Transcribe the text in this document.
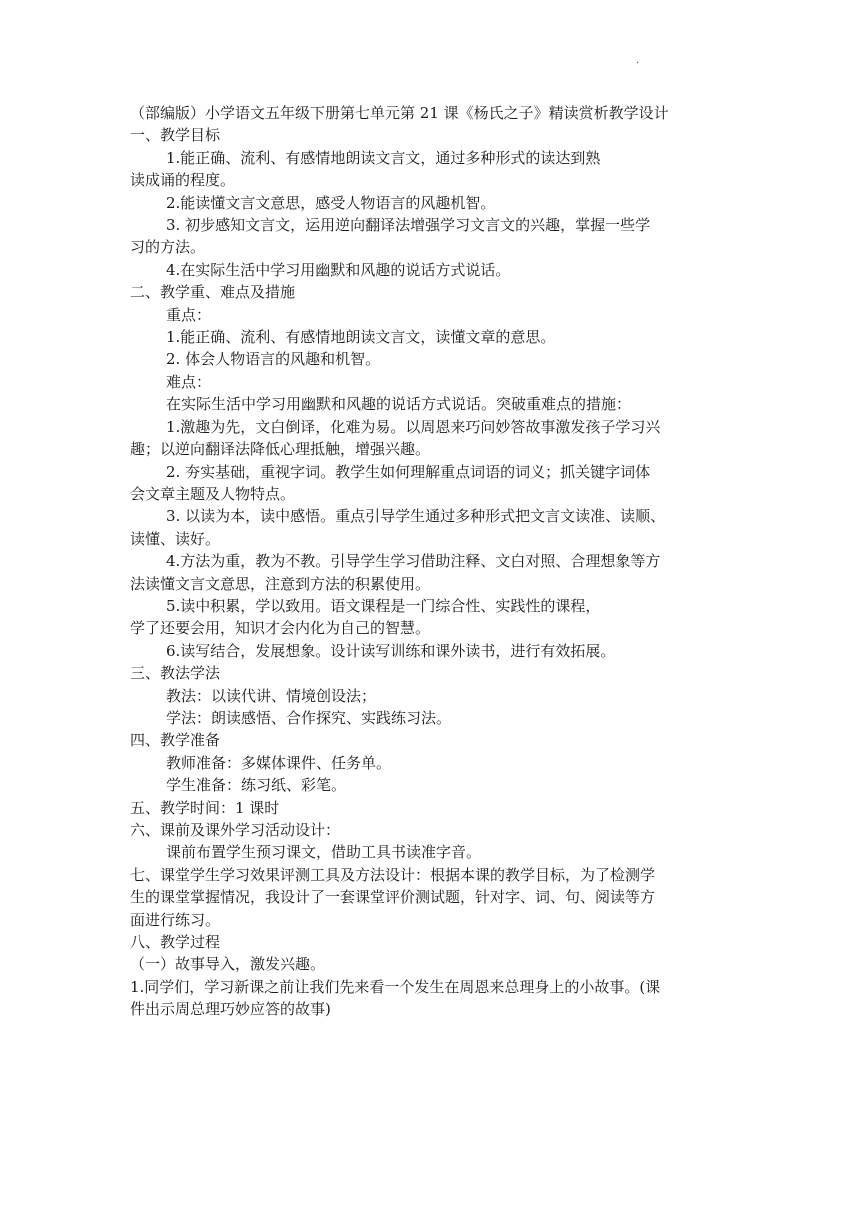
.
（部编版）小学语文五年级下册第七单元第 21 课《杨氏之子》精读赏析教学设计
一、教学目标
1.能正确、流利、有感情地朗读文言文，通过多种形式的读达到熟
读成诵的程度。
2.能读懂文言文意思，感受人物语言的风趣机智。
3. 初步感知文言文，运用逆向翻译法增强学习文言文的兴趣，掌握一些学
习的方法。
4.在实际生活中学习用幽默和风趣的说话方式说话。
二、教学重、难点及措施
重点：
1.能正确、流利、有感情地朗读文言文，读懂文章的意思。
2. 体会人物语言的风趣和机智。
难点：
在实际生活中学习用幽默和风趣的说话方式说话。突破重难点的措施：
1.激趣为先，文白倒译，化难为易。以周恩来巧问妙答故事激发孩子学习兴
趣；以逆向翻译法降低心理抵触，增强兴趣。
2. 夯实基础，重视字词。教学生如何理解重点词语的词义；抓关键字词体
会文章主题及人物特点。
3. 以读为本，读中感悟。重点引导学生通过多种形式把文言文读准、读顺、
读懂、读好。
4.方法为重，教为不教。引导学生学习借助注释、文白对照、合理想象等方
法读懂文言文意思，注意到方法的积累使用。
5.读中积累，学以致用。语文课程是一门综合性、实践性的课程，
学了还要会用，知识才会内化为自己的智慧。
6.读写结合，发展想象。设计读写训练和课外读书，进行有效拓展。
三、教法学法
教法：以读代讲、情境创设法；
学法：朗读感悟、合作探究、实践练习法。
四、教学准备
教师准备：多媒体课件、任务单。
学生准备：练习纸、彩笔。
五、教学时间：1 课时
六、课前及课外学习活动设计：
课前布置学生预习课文，借助工具书读准字音。
七、课堂学生学习效果评测工具及方法设计：根据本课的教学目标，为了检测学
生的课堂掌握情况，我设计了一套课堂评价测试题，针对字、词、句、阅读等方
面进行练习。
八、教学过程
（一）故事导入，激发兴趣。
1.同学们，学习新课之前让我们先来看一个发生在周恩来总理身上的小故事。(课
件出示周总理巧妙应答的故事)
